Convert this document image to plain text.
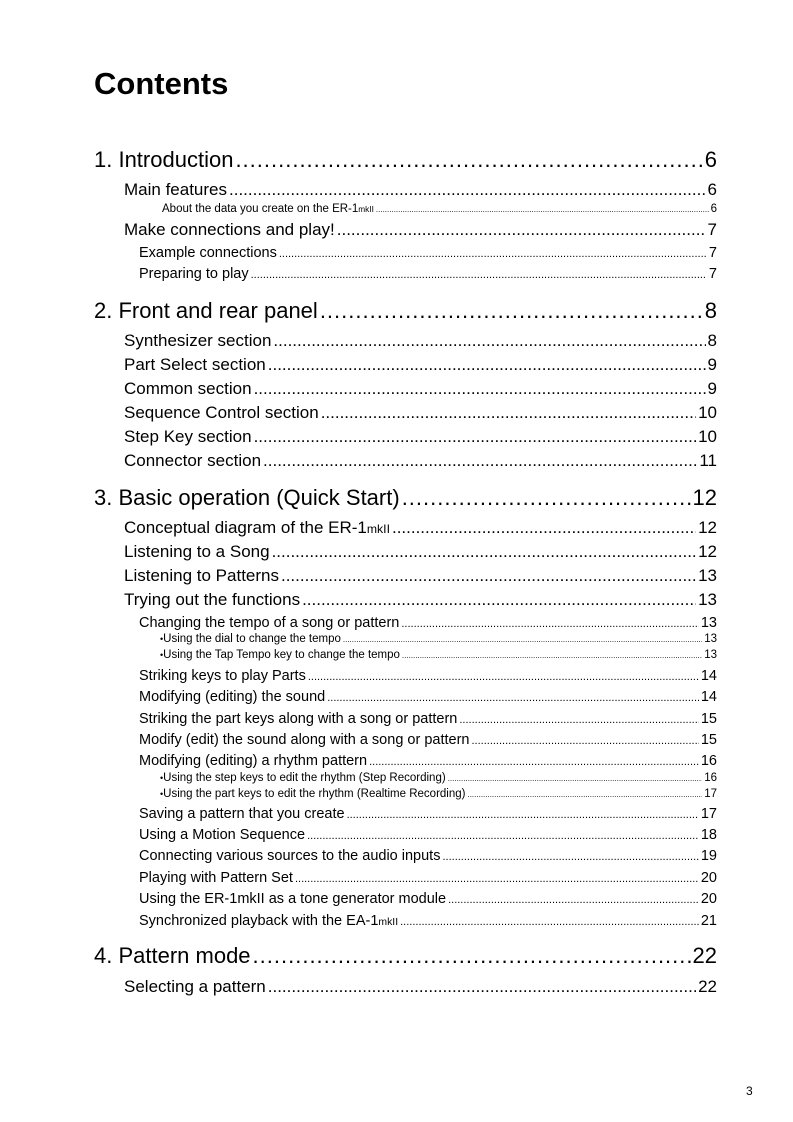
Contents
1. Introduction .....	6
Main features .....	6
About the data you create on the ER-1 mkII .....	6
Make connections and play! .....	7
Example connections .....	7
Preparing to play .....	7
2. Front and rear panel .....	8
Synthesizer section .....	8
Part Select section .....	9
Common section .....	9
Sequence Control section .....	10
Step Key section .....	10
Connector section .....	11
3. Basic operation (Quick Start) .....	12
Conceptual diagram of the ER-1 mkII .....	12
Listening to a Song .....	12
Listening to Patterns .....	13
Trying out the functions .....	13
Changing the tempo of a song or pattern .....	13
• Using the dial to change the tempo .....	13
• Using the Tap Tempo key to change the tempo .....	13
Striking keys to play Parts .....	14
Modifying (editing) the sound .....	14
Striking the part keys along with a song or pattern .....	15
Modify (edit) the sound along with a song or pattern .....	15
Modifying (editing) a rhythm pattern .....	16
• Using the step keys to edit the rhythm (Step Recording) .....	16
• Using the part keys to edit the rhythm (Realtime Recording) .....	17
Saving a pattern that you create .....	17
Using a Motion Sequence .....	18
Connecting various sources to the audio inputs .....	19
Playing with Pattern Set .....	20
Using the ER-1mkII as a tone generator module .....	20
Synchronized playback with the EA-1 mkII .....	21
4. Pattern mode .....	22
Selecting a pattern .....	22
3
